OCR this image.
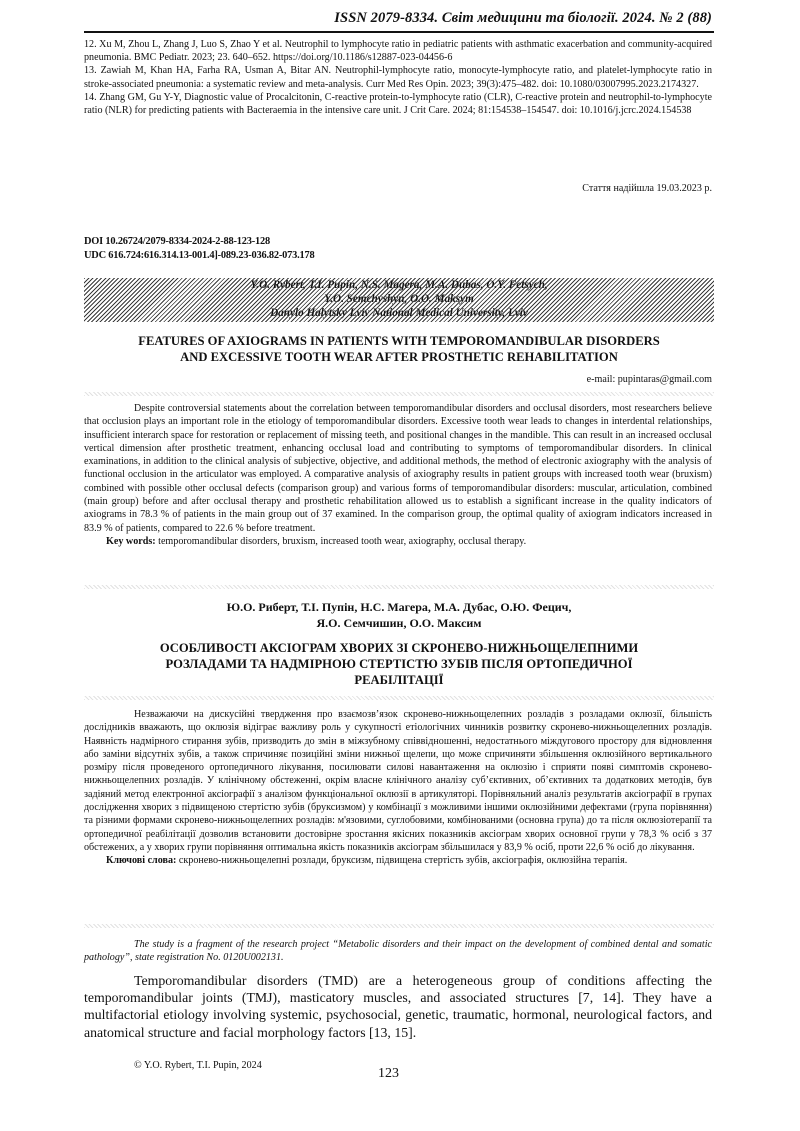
ISSN 2079-8334. Світ медицини та біології. 2024. № 2 (88)

12. Xu M, Zhou L, Zhang J, Luo S, Zhao Y et al. Neutrophil to lymphocyte ratio in pediatric patients with asthmatic exacerbation and community-acquired pneumonia. BMC Pediatr. 2023; 23. 640–652. https://doi.org/10.1186/s12887-023-04456-6

13. Zawiah M, Khan HA, Farha RA, Usman A, Bitar AN. Neutrophil-lymphocyte ratio, monocyte-lymphocyte ratio, and platelet-lymphocyte ratio in stroke-associated pneumonia: a systematic review and meta-analysis. Curr Med Res Opin. 2023; 39(3):475–482. doi: 10.1080/03007995.2023.2174327.

14. Zhang GM, Gu Y-Y, Diagnostic value of Procalcitonin, C-reactive protein-to-lymphocyte ratio (CLR), C-reactive protein and neutrophil-to-lymphocyte ratio (NLR) for predicting patients with Bacteraemia in the intensive care unit. J Crit Care. 2024; 81:154538–154547. doi: 10.1016/j.jcrc.2024.154538

Стаття надійшла 19.03.2023 р.
DOI 10.26724/2079-8334-2024-2-88-123-128
UDC 616.724:616.314.13-001.4]-089.23-036.82-073.178
Y.O. Rybert, T.I. Pupin, N.S. Magera, M.A. Dubas, O.Y. Fetsych,
Y.O. Semchyshyn, O.O. Maksym
Danylo Halytsky Lviv National Medical University, Lviv
FEATURES OF AXIOGRAMS IN PATIENTS WITH TEMPOROMANDIBULAR DISORDERS
AND EXCESSIVE TOOTH WEAR AFTER PROSTHETIC REHABILITATION
e-mail: pupintaras@gmail.com

Despite controversial statements about the correlation between temporomandibular disorders and occlusal disorders, most researchers believe that occlusion plays an important role in the etiology of temporomandibular disorders. Excessive tooth wear leads to changes in interdental relationships, insufficient interarch space for restoration or replacement of missing teeth, and positional changes in the mandible. This can result in an increased occlusal vertical dimension after prosthetic treatment, enhancing occlusal load and contributing to symptoms of temporomandibular disorders. In clinical examinations, in addition to the clinical analysis of subjective, objective, and additional methods, the method of electronic axiography with the analysis of functional occlusion in the articulator was employed. A comparative analysis of axiography results in patient groups with increased tooth wear (bruxism) combined with possible other occlusal defects (comparison group) and various forms of temporomandibular disorders: muscular, articulation, combined (main group) before and after occlusal therapy and prosthetic rehabilitation allowed us to establish a significant increase in the quality indicators of axiograms in 78.3 % of patients in the main group out of 37 examined. In the comparison group, the optimal quality of axiogram indicators increased in 83.9 % of patients, compared to 22.6 % before treatment.

Key words: temporomandibular disorders, bruxism, increased tooth wear, axiography, occlusal therapy.

Ю.О. Риберт, Т.І. Пупін, Н.С. Магера, М.А. Дубас, О.Ю. Фецич,
Я.О. Семчишин, О.О. Максим
ОСОБЛИВОСТІ АКСІОГРАМ ХВОРИХ ЗІ СКРОНЕВО-НИЖНЬОЩЕЛЕПНИМИ
РОЗЛАДАМИ ТА НАДМІРНОЮ СТЕРТІСТЮ ЗУБІВ ПІСЛЯ ОРТОПЕДИЧНОЇ
РЕАБІЛІТАЦІЇ

Незважаючи на дискусійні твердження про взаємозв’язок скронево-нижньощелепних розладів з розладами оклюзії, більшість дослідників вважають, що оклюзія відіграє важливу роль у сукупності етіологічних чинників розвитку скронево-нижньощелепних розладів. Наявність надмірного стирання зубів, призводить до змін в міжзубному співвідношенні, недостатнього міждугового простору для відновлення або заміни відсутніх зубів, а також спричиняє позиційні зміни нижньої щелепи, що може спричиняти збільшення оклюзійного вертикального розміру після проведеного ортопедичного лікування, посилювати силові навантаження на оклюзію і сприяти появі симптомів скронево-нижньощелепних розладів. У клінічному обстеженні, окрім власне клінічного аналізу суб’єктивних, об’єктивних та додаткових методів, був задіяний метод електронної аксіографії з аналізом функціональної оклюзії в артикуляторі. Порівняльний аналіз результатів аксіографії в групах дослідження хворих з підвищеною стертістю зубів (бруксизмом) у комбінації з можливими іншими оклюзійними дефектами (група порівняння) та різними формами скронево-нижньощелепних розладів: м'язовими, суглобовими, комбінованими (основна група) до та після оклюзіотерапії та ортопедичної реабілітації дозволив встановити достовірне зростання якісних показників аксіограм хворих основної групи у 78,3 % осіб з 37 обстежених, а у хворих групи порівняння оптимальна якість показників аксіограм збільшилася у 83,9 % осіб, проти 22,6 % осіб до лікування.

Ключові слова: скронево-нижньощелепні розлади, бруксизм, підвищена стертість зубів, аксіографія, оклюзійна терапія.

The study is a fragment of the research project “Metabolic disorders and their impact on the development of combined dental and somatic pathology”, state registration No. 0120U002131.

Temporomandibular disorders (TMD) are a heterogeneous group of conditions affecting the temporomandibular joints (TMJ), masticatory muscles, and associated structures [7, 14]. They have a multifactorial etiology involving systemic, psychosocial, genetic, traumatic, hormonal, neurological factors, and anatomical structure and facial morphology factors [13, 15].

© Y.O. Rybert, T.I. Pupin, 2024
123
